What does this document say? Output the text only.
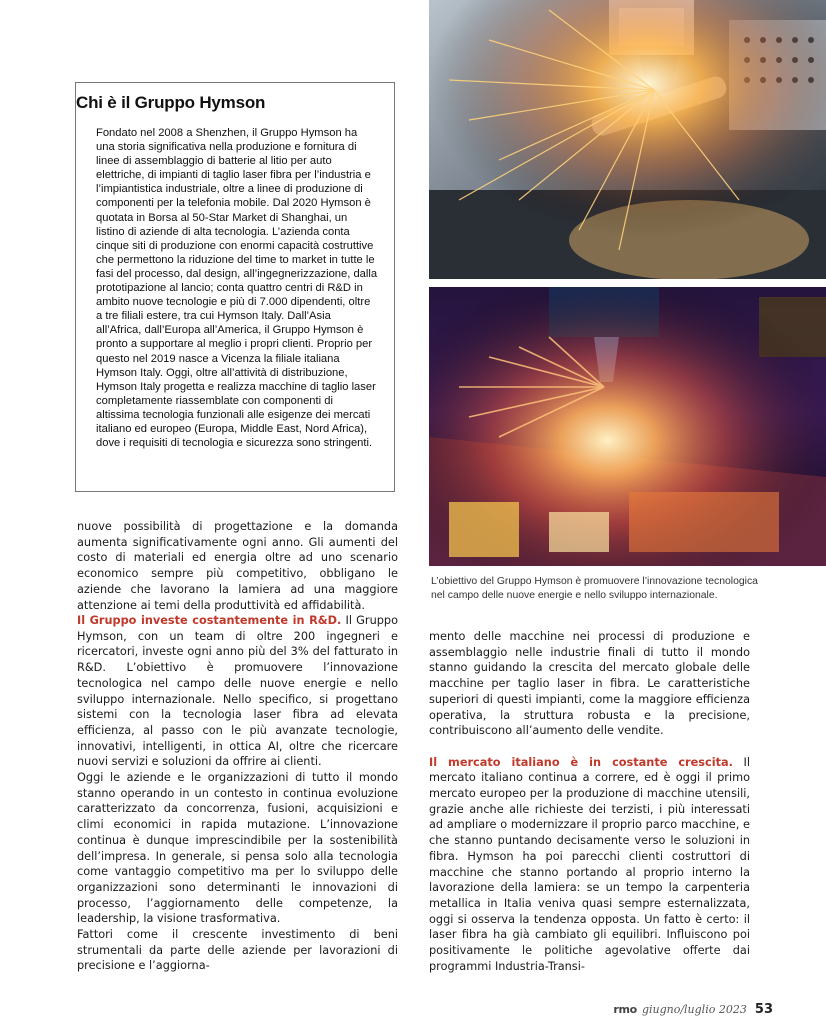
L’obiettivo del Gruppo Hymson è promuovere l’innovazione tecnologica nel campo delle nuove energie e nello sviluppo internazionale.
Chi è il Gruppo Hymson

Fondato nel 2008 a Shenzhen, il Gruppo Hymson ha una storia significativa nella produzione e fornitura di linee di assemblaggio di batterie al litio per auto elettriche, di impianti di taglio laser fibra per l’industria e l’impiantistica industriale, oltre a linee di produzione di componenti per la telefonia mobile. Dal 2020 Hymson è quotata in Borsa al 50-Star Market di Shanghai, un listino di aziende di alta tecnologia. L’azienda conta cinque siti di produzione con enormi capacità costruttive che permettono la riduzione del time to market in tutte le fasi del processo, dal design, all’ingegnerizzazione, dalla prototipazione al lancio; conta quattro centri di R&D in ambito nuove tecnologie e più di 7.000 dipendenti, oltre a tre filiali estere, tra cui Hymson Italy. Dall’Asia all’Africa, dall’Europa all’America, il Gruppo Hymson è pronto a supportare al meglio i propri clienti. Proprio per questo nel 2019 nasce a Vicenza la filiale italiana Hymson Italy. Oggi, oltre all’attività di distribuzione, Hymson Italy progetta e realizza macchine di taglio laser completamente riassemblate con componenti di altissima tecnologia funzionali alle esigenze dei mercati italiano ed europeo (Europa, Middle East, Nord Africa), dove i requisiti di tecnologia e sicurezza sono stringenti.

nuove possibilità di progettazione e la domanda aumenta significativamente ogni anno. Gli aumenti del costo di materiali ed energia oltre ad uno scenario economico sempre più competitivo, obbligano le aziende che lavorano la lamiera ad una maggiore attenzione ai temi della produttività ed affidabilità.

Il Gruppo investe costantemente in R&D. Il Gruppo Hymson, con un team di oltre 200 ingegneri e ricercatori, investe ogni anno più del 3% del fatturato in R&D. L’obiettivo è promuovere l’innovazione tecnologica nel campo delle nuove energie e nello sviluppo internazionale. Nello specifico, si progettano sistemi con la tecnologia laser fibra ad elevata efficienza, al passo con le più avanzate tecnologie, innovativi, intelligenti, in ottica AI, oltre che ricercare nuovi servizi e soluzioni da offrire ai clienti.

Oggi le aziende e le organizzazioni di tutto il mondo stanno operando in un contesto in continua evoluzione caratterizzato da concorrenza, fusioni, acquisizioni e climi economici in rapida mutazione. L’innovazione continua è dunque imprescindibile per la sostenibilità dell’impresa. In generale, si pensa solo alla tecnologia come vantaggio competitivo ma per lo sviluppo delle organizzazioni sono determinanti le innovazioni di processo, l’aggiornamento delle competenze, la leadership, la visione trasformativa.

Fattori come il crescente investimento di beni strumentali da parte delle aziende per lavorazioni di precisione e l’aggiorna-

mento delle macchine nei processi di produzione e assemblaggio nelle industrie finali di tutto il mondo stanno guidando la crescita del mercato globale delle macchine per taglio laser in fibra. Le caratteristiche superiori di questi impianti, come la maggiore efficienza operativa, la struttura robusta e la precisione, contribuiscono all’aumento delle vendite.

Il mercato italiano è in costante crescita. Il mercato italiano continua a correre, ed è oggi il primo mercato europeo per la produzione di macchine utensili, grazie anche alle richieste dei terzisti, i più interessati ad ampliare o modernizzare il proprio parco macchine, e che stanno puntando decisamente verso le soluzioni in fibra. Hymson ha poi parecchi clienti costruttori di macchine che stanno portando al proprio interno la lavorazione della lamiera: se un tempo la carpenteria metallica in Italia veniva quasi sempre esternalizzata, oggi si osserva la tendenza opposta. Un fatto è certo: il laser fibra ha già cambiato gli equilibri. Influiscono poi positivamente le politiche agevolative offerte dai programmi Industria-Transi-

rmo giugno/luglio 2023 53
